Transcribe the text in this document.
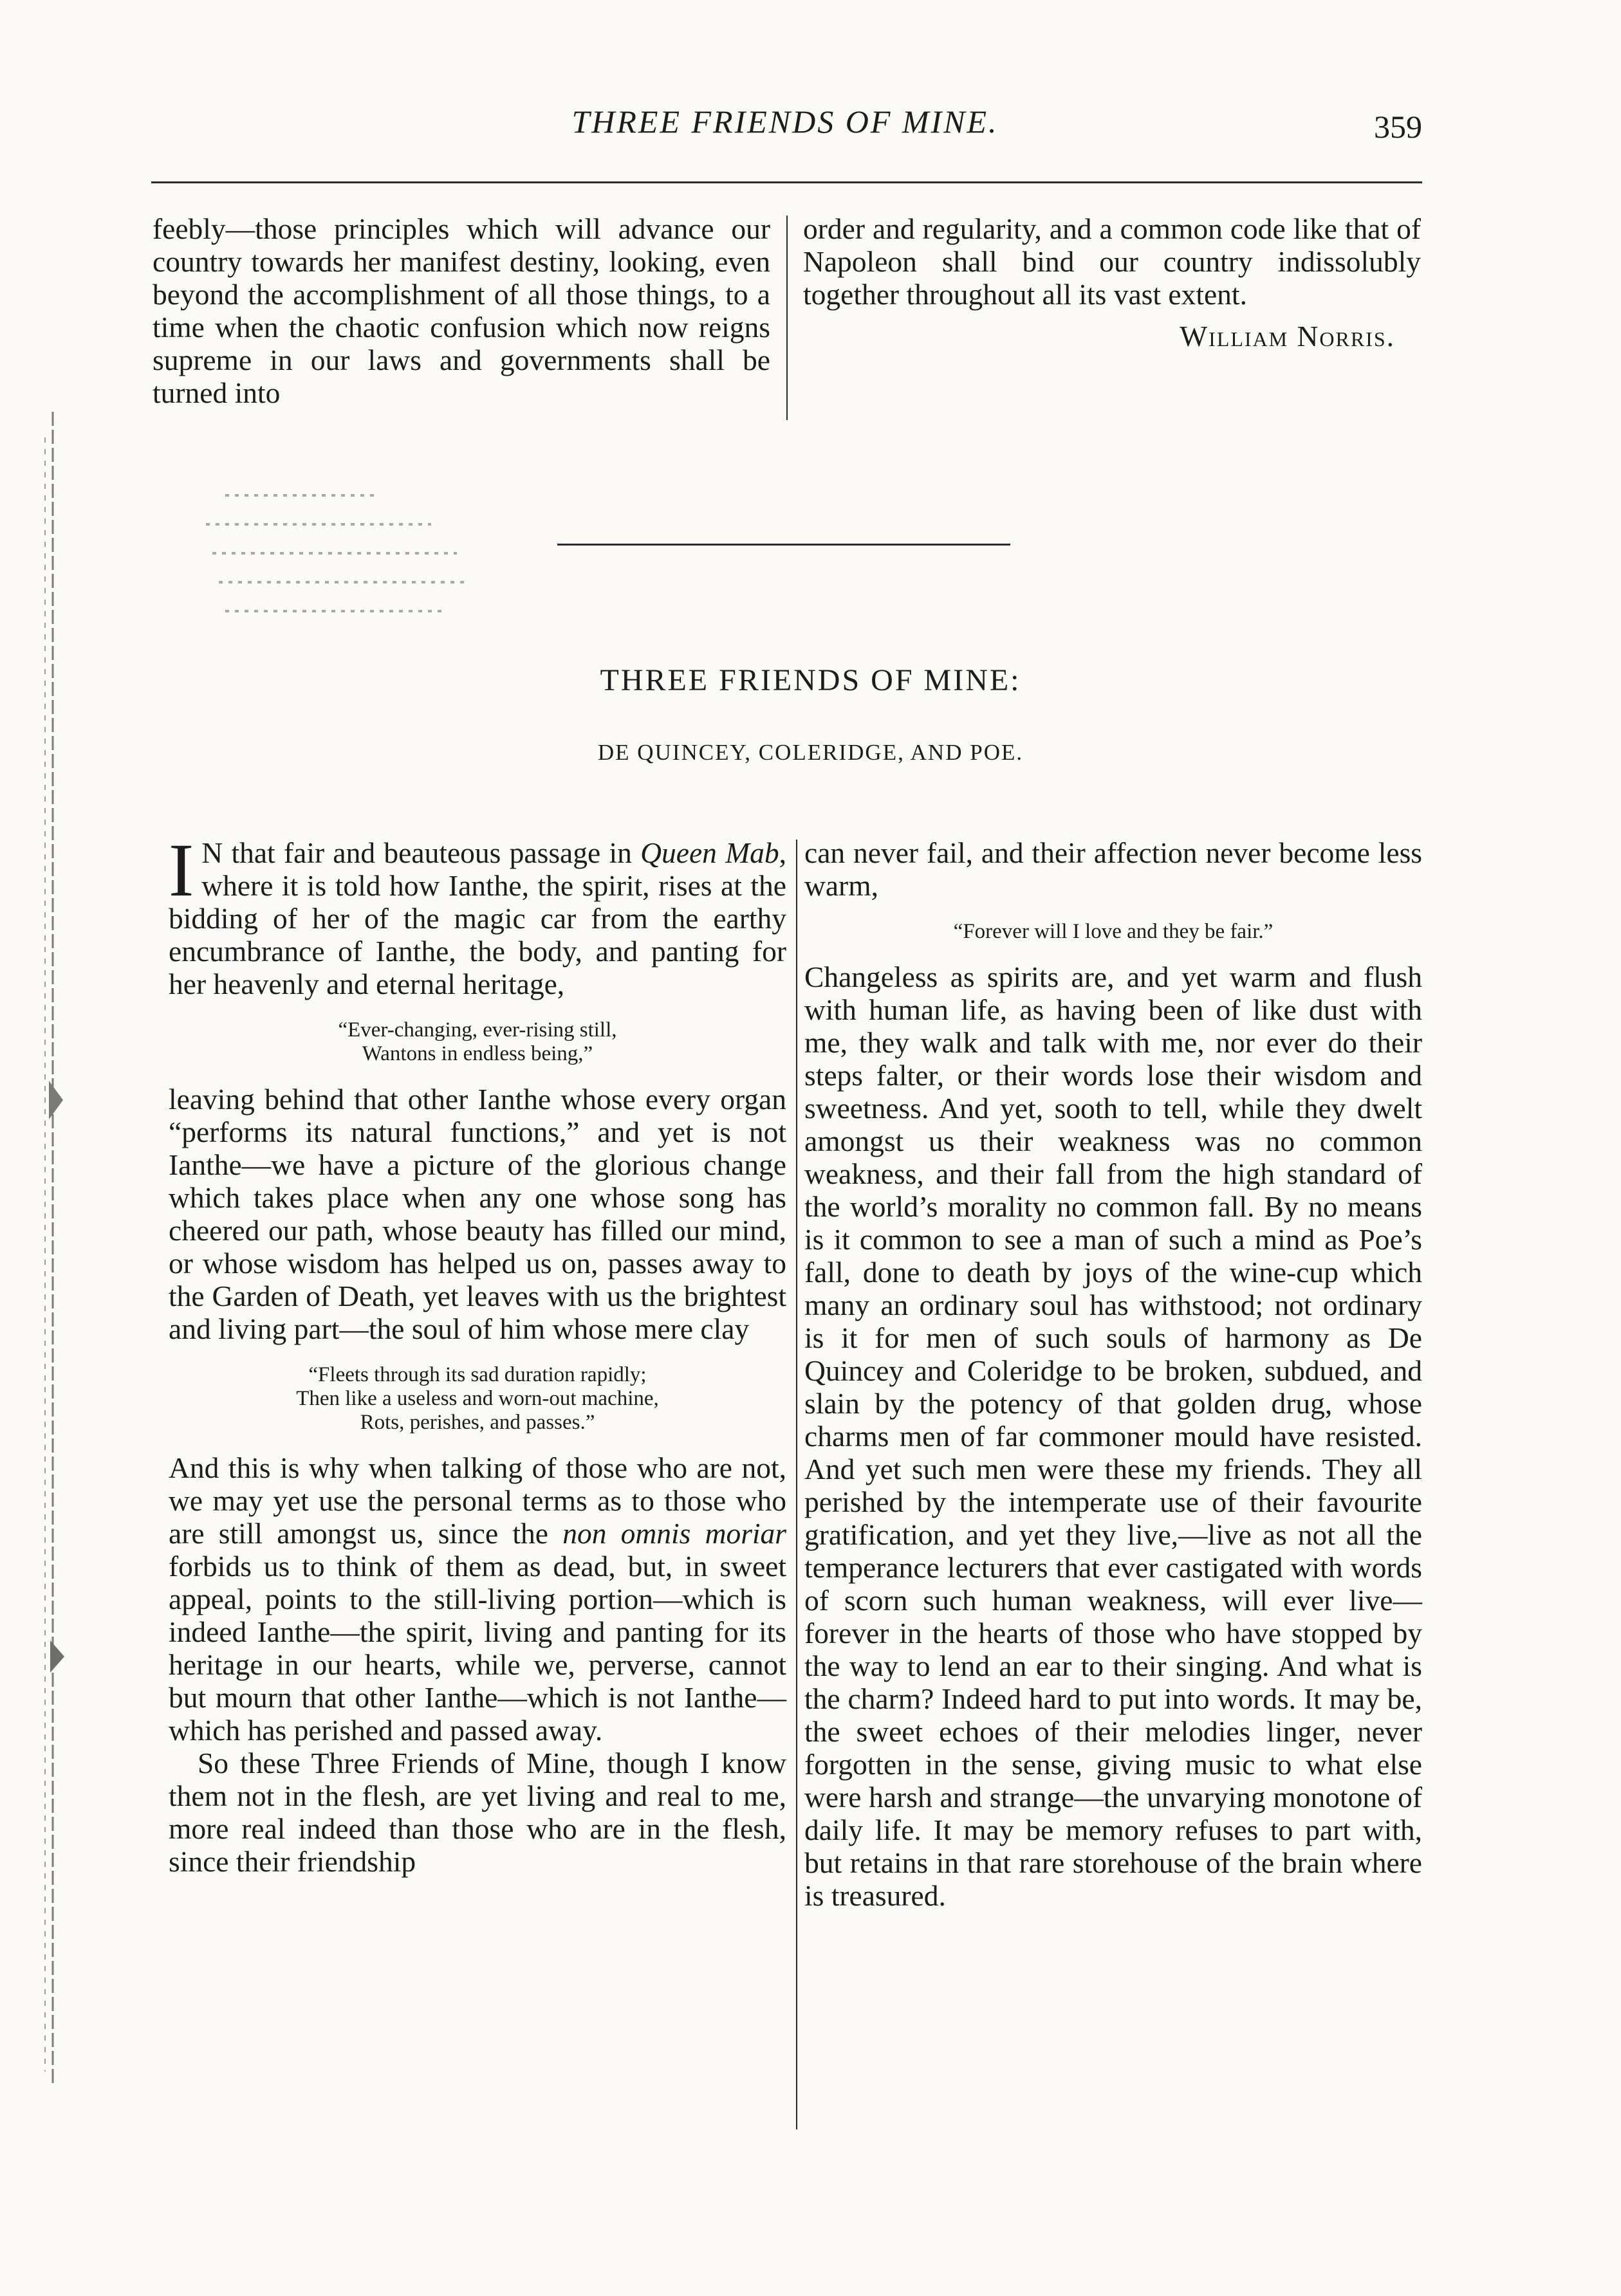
THREE FRIENDS OF MINE.	359

feebly—those principles which will advance our country towards her manifest destiny, looking, even beyond the accomplishment of all those things, to a time when the chaotic confusion which now reigns supreme in our laws and governments shall be turned into

order and regularity, and a common code like that of Napoleon shall bind our country indissolubly together throughout all its vast extent.

William Norris.
THREE FRIENDS OF MINE:
DE QUINCEY, COLERIDGE, AND POE.

I N that fair and beauteous passage in Queen Mab, where it is told how Ianthe, the spirit, rises at the bidding of her of the magic car from the earthy encumbrance of Ianthe, the body, and panting for her heavenly and eternal heritage,

“Ever-changing, ever-rising still,
Wantons in endless being,”

leaving behind that other Ianthe whose every organ “performs its natural functions,” and yet is not Ianthe—we have a picture of the glorious change which takes place when any one whose song has cheered our path, whose beauty has filled our mind, or whose wisdom has helped us on, passes away to the Garden of Death, yet leaves with us the brightest and living part—the soul of him whose mere clay

“Fleets through its sad duration rapidly;
Then like a useless and worn-out machine,
Rots, perishes, and passes.”

And this is why when talking of those who are not, we may yet use the personal terms as to those who are still amongst us, since the non omnis moriar forbids us to think of them as dead, but, in sweet appeal, points to the still-living portion—which is indeed Ianthe—the spirit, living and panting for its heritage in our hearts, while we, perverse, cannot but mourn that other Ianthe—which is not Ianthe—which has perished and passed away.

So these Three Friends of Mine, though I know them not in the flesh, are yet living and real to me, more real indeed than those who are in the flesh, since their friendship

can never fail, and their affection never become less warm,

“Forever will I love and they be fair.”

Changeless as spirits are, and yet warm and flush with human life, as having been of like dust with me, they walk and talk with me, nor ever do their steps falter, or their words lose their wisdom and sweetness. And yet, sooth to tell, while they dwelt amongst us their weakness was no common weakness, and their fall from the high standard of the world’s morality no common fall. By no means is it common to see a man of such a mind as Poe’s fall, done to death by joys of the wine-cup which many an ordinary soul has withstood; not ordinary is it for men of such souls of harmony as De Quincey and Coleridge to be broken, subdued, and slain by the potency of that golden drug, whose charms men of far commoner mould have resisted. And yet such men were these my friends. They all perished by the intemperate use of their favourite gratification, and yet they live,—live as not all the temperance lecturers that ever castigated with words of scorn such human weakness, will ever live—forever in the hearts of those who have stopped by the way to lend an ear to their singing. And what is the charm? Indeed hard to put into words. It may be, the sweet echoes of their melodies linger, never forgotten in the sense, giving music to what else were harsh and strange—the unvarying monotone of daily life. It may be memory refuses to part with, but retains in that rare storehouse of the brain where is treasured.
